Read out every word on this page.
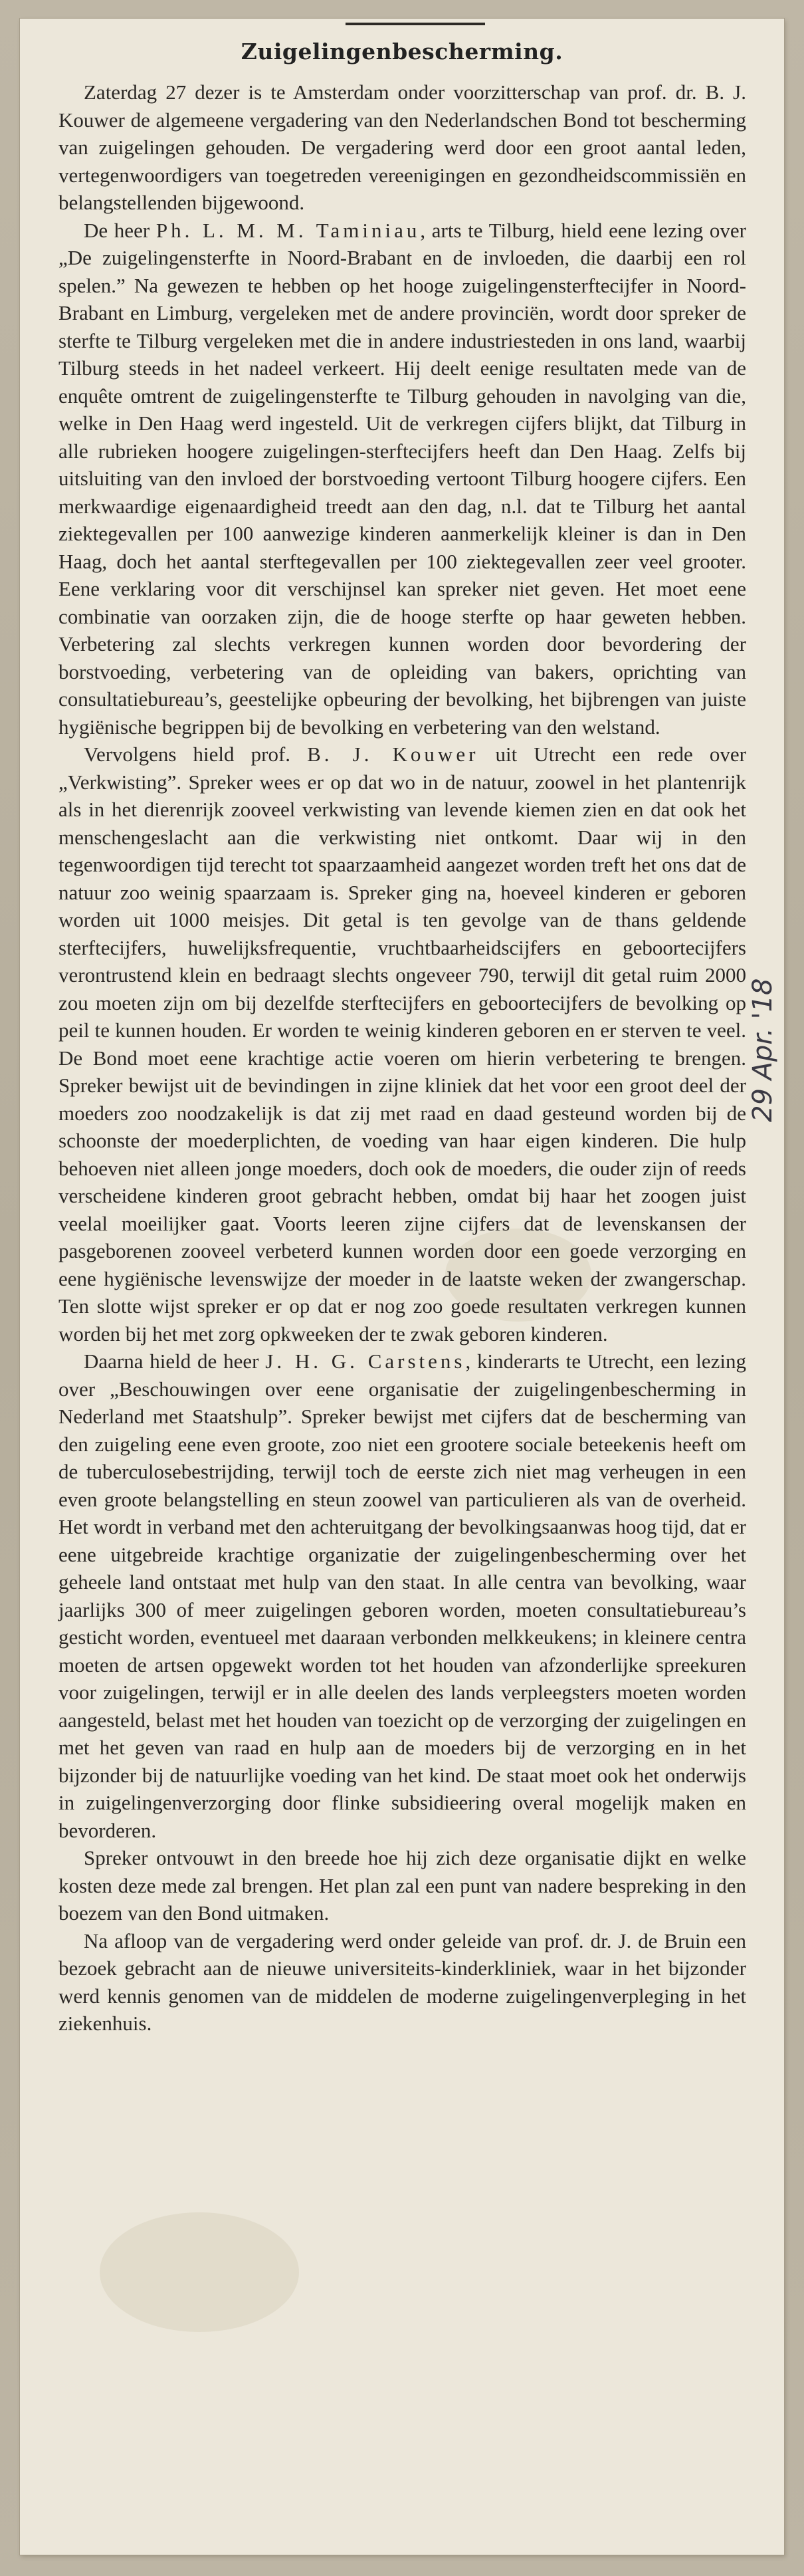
Zuigelingenbescherming.

Zaterdag 27 dezer is te Amsterdam onder voorzitterschap van prof. dr. B. J. Kouwer de algemeene vergadering van den Nederlandschen Bond tot bescherming van zuigelingen gehouden. De vergadering werd door een groot aantal leden, vertegenwoordigers van toegetreden vereenigingen en gezondheidscommissiën en belangstellenden bijgewoond.

De heer Ph. L. M. M. Taminiau, arts te Tilburg, hield eene lezing over „De zuigelingensterfte in Noord-Brabant en de invloeden, die daarbij een rol spelen.” Na gewezen te hebben op het hooge zuigelingensterftecijfer in Noord-Brabant en Limburg, vergeleken met de andere provinciën, wordt door spreker de sterfte te Tilburg vergeleken met die in andere industriesteden in ons land, waarbij Tilburg steeds in het nadeel verkeert. Hij deelt eenige resultaten mede van de enquête omtrent de zuigelingensterfte te Tilburg gehouden in navolging van die, welke in Den Haag werd ingesteld. Uit de verkregen cijfers blijkt, dat Tilburg in alle rubrieken hoogere zuigelingen-sterftecijfers heeft dan Den Haag. Zelfs bij uitsluiting van den invloed der borstvoeding vertoont Tilburg hoogere cijfers. Een merkwaardige eigenaardigheid treedt aan den dag, n.l. dat te Tilburg het aantal ziektegevallen per 100 aanwezige kinderen aanmerkelijk kleiner is dan in Den Haag, doch het aantal sterftegevallen per 100 ziektegevallen zeer veel grooter. Eene verklaring voor dit verschijnsel kan spreker niet geven. Het moet eene combinatie van oorzaken zijn, die de hooge sterfte op haar geweten hebben. Verbetering zal slechts verkregen kunnen worden door bevordering der borstvoeding, verbetering van de opleiding van bakers, oprichting van consultatiebureau’s, geestelijke opbeuring der bevolking, het bijbrengen van juiste hygiënische begrippen bij de bevolking en verbetering van den welstand.

Vervolgens hield prof. B. J. Kouwer uit Utrecht een rede over „Verkwisting”. Spreker wees er op dat wo in de natuur, zoowel in het plantenrijk als in het dierenrijk zooveel verkwisting van levende kiemen zien en dat ook het menschengeslacht aan die verkwisting niet ontkomt. Daar wij in den tegenwoordigen tijd terecht tot spaarzaamheid aangezet worden treft het ons dat de natuur zoo weinig spaarzaam is. Spreker ging na, hoeveel kinderen er geboren worden uit 1000 meisjes. Dit getal is ten gevolge van de thans geldende sterftecijfers, huwelijksfrequentie, vruchtbaarheidscijfers en geboortecijfers verontrustend klein en bedraagt slechts ongeveer 790, terwijl dit getal ruim 2000 zou moeten zijn om bij dezelfde sterftecijfers en geboortecijfers de bevolking op peil te kunnen houden. Er worden te weinig kinderen geboren en er sterven te veel. De Bond moet eene krachtige actie voeren om hierin verbetering te brengen. Spreker bewijst uit de bevindingen in zijne kliniek dat het voor een groot deel der moeders zoo noodzakelijk is dat zij met raad en daad gesteund worden bij de schoonste der moederplichten, de voeding van haar eigen kinderen. Die hulp behoeven niet alleen jonge moeders, doch ook de moeders, die ouder zijn of reeds verscheidene kinderen groot gebracht hebben, omdat bij haar het zoogen juist veelal moeilijker gaat. Voorts leeren zijne cijfers dat de levenskansen der pasgeborenen zooveel verbeterd kunnen worden door een goede verzorging en eene hygiënische levenswijze der moeder in de laatste weken der zwangerschap. Ten slotte wijst spreker er op dat er nog zoo goede resultaten verkregen kunnen worden bij het met zorg opkweeken der te zwak geboren kinderen.

Daarna hield de heer J. H. G. Carstens, kinderarts te Utrecht, een lezing over „Beschouwingen over eene organisatie der zuigelingenbescherming in Nederland met Staatshulp”. Spreker bewijst met cijfers dat de bescherming van den zuigeling eene even groote, zoo niet een grootere sociale beteekenis heeft om de tuberculosebestrijding, terwijl toch de eerste zich niet mag verheugen in een even groote belangstelling en steun zoowel van particulieren als van de overheid. Het wordt in verband met den achteruitgang der bevolkingsaanwas hoog tijd, dat er eene uitgebreide krachtige organizatie der zuigelingenbescherming over het geheele land ontstaat met hulp van den staat. In alle centra van bevolking, waar jaarlijks 300 of meer zuigelingen geboren worden, moeten consultatiebureau’s gesticht worden, eventueel met daaraan verbonden melkkeukens; in kleinere centra moeten de artsen opgewekt worden tot het houden van afzonderlijke spreekuren voor zuigelingen, terwijl er in alle deelen des lands verpleegsters moeten worden aangesteld, belast met het houden van toezicht op de verzorging der zuigelingen en met het geven van raad en hulp aan de moeders bij de verzorging en in het bijzonder bij de natuurlijke voeding van het kind. De staat moet ook het onderwijs in zuigelingenverzorging door flinke subsidieering overal mogelijk maken en bevorderen.

Spreker ontvouwt in den breede hoe hij zich deze organisatie dijkt en welke kosten deze mede zal brengen. Het plan zal een punt van nadere bespreking in den boezem van den Bond uitmaken.

Na afloop van de vergadering werd onder geleide van prof. dr. J. de Bruin een bezoek gebracht aan de nieuwe universiteits-kinderkliniek, waar in het bijzonder werd kennis genomen van de middelen de moderne zuigelingenverpleging in het ziekenhuis.

29 Apr. '18
